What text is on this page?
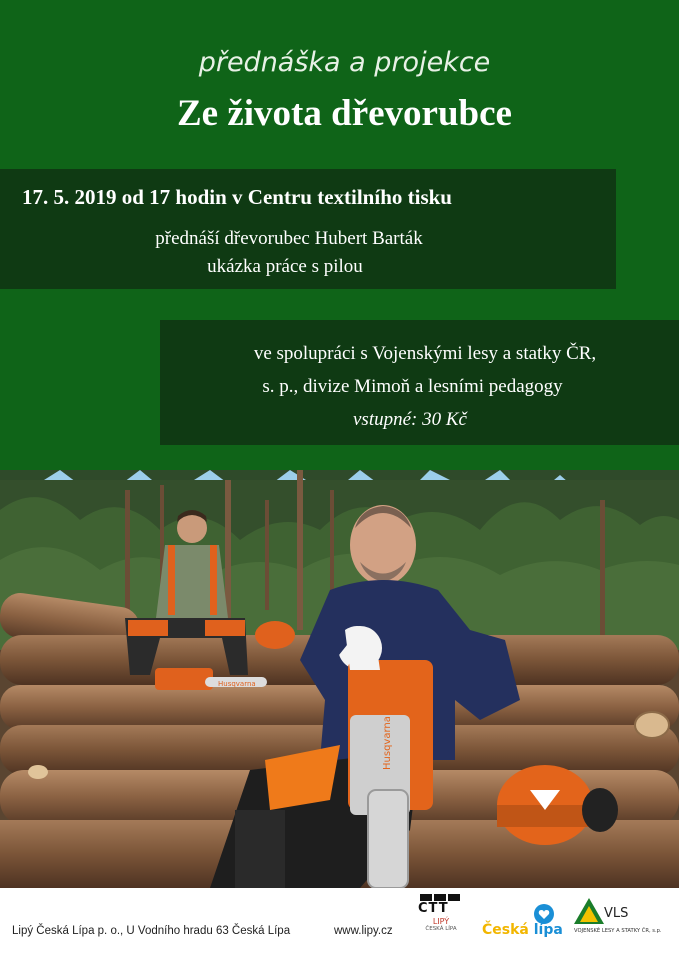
přednáška a projekce
Ze života dřevorubce
17. 5. 2019 od 17 hodin v Centru textilního tisku
přednáší dřevorubec Hubert Barták
ukázka práce s pilou
ve spolupráci s Vojenskými lesy a statky ČR,
s. p., divize Mimoň a lesními pedagogy
vstupné: 30 Kč
Husqvarna
Husqvarna
Lipý Česká Lípa p. o., U Vodního hradu 63 Česká Lípa	www.lipy.cz
CTT
LIPÝ
ČESKÁ LÍPA	Česká lípa
VLS
VOJENSKÉ LESY A STATKY ČR, s.p.
